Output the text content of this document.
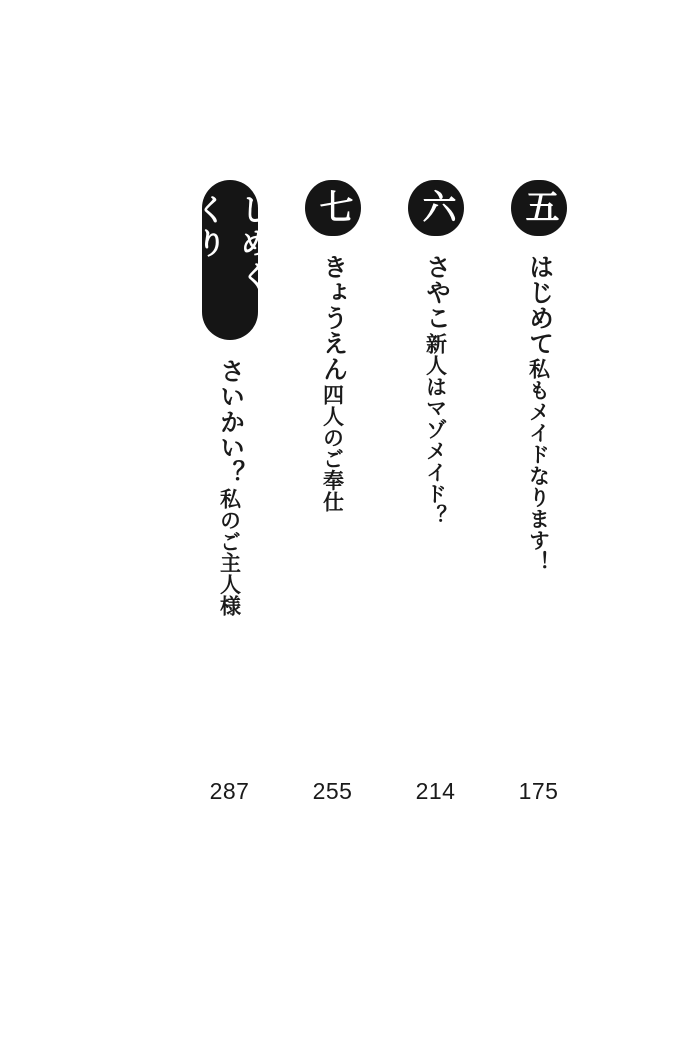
五
はじめて
私もメイドなります！
175
六
さやこ
新人はマゾメイド？
214
七
きょうえん
四人のご奉仕
255
しめくくり
さいかい？
私のご主人様
287
